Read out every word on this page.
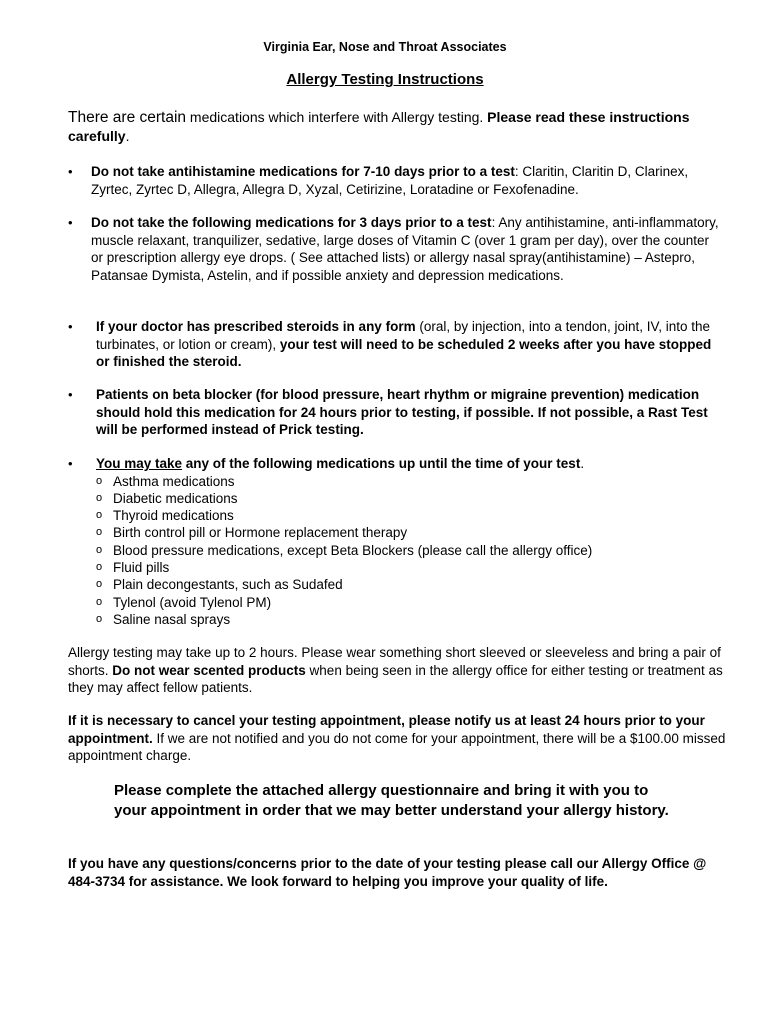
Virginia Ear, Nose and Throat Associates
Allergy Testing Instructions
There are certain medications which interfere with Allergy testing. Please read these instructions carefully.
•	Do not take antihistamine medications for 7-10 days prior to a test: Claritin, Claritin D, Clarinex, Zyrtec, Zyrtec D, Allegra, Allegra D, Xyzal, Cetirizine, Loratadine or Fexofenadine.
•	Do not take the following medications for 3 days prior to a test: Any antihistamine, anti-inflammatory, muscle relaxant, tranquilizer, sedative, large doses of Vitamin C (over 1 gram per day), over the counter or prescription allergy eye drops. ( See attached lists) or allergy nasal spray(antihistamine) – Astepro, Patansae Dymista, Astelin, and if possible anxiety and depression medications.
•	If your doctor has prescribed steroids in any form (oral, by injection, into a tendon, joint, IV, into the turbinates, or lotion or cream), your test will need to be scheduled 2 weeks after you have stopped or finished the steroid.
•	Patients on beta blocker (for blood pressure, heart rhythm or migraine prevention) medication should hold this medication for 24 hours prior to testing, if possible. If not possible, a Rast Test will be performed instead of Prick testing.
•	You may take any of the following medications up until the time of your test.
o Asthma medications
o Diabetic medications
o Thyroid medications
o Birth control pill or Hormone replacement therapy
o Blood pressure medications, except Beta Blockers (please call the allergy office)
o Fluid pills
o Plain decongestants, such as Sudafed
o Tylenol (avoid Tylenol PM)
o Saline nasal sprays
Allergy testing may take up to 2 hours. Please wear something short sleeved or sleeveless and bring a pair of shorts. Do not wear scented products when being seen in the allergy office for either testing or treatment as they may affect fellow patients.
If it is necessary to cancel your testing appointment, please notify us at least 24 hours prior to your appointment. If we are not notified and you do not come for your appointment, there will be a $100.00 missed appointment charge.
Please complete the attached allergy questionnaire and bring it with you to your appointment in order that we may better understand your allergy history.
If you have any questions/concerns prior to the date of your testing please call our Allergy Office @ 484-3734 for assistance. We look forward to helping you improve your quality of life.
